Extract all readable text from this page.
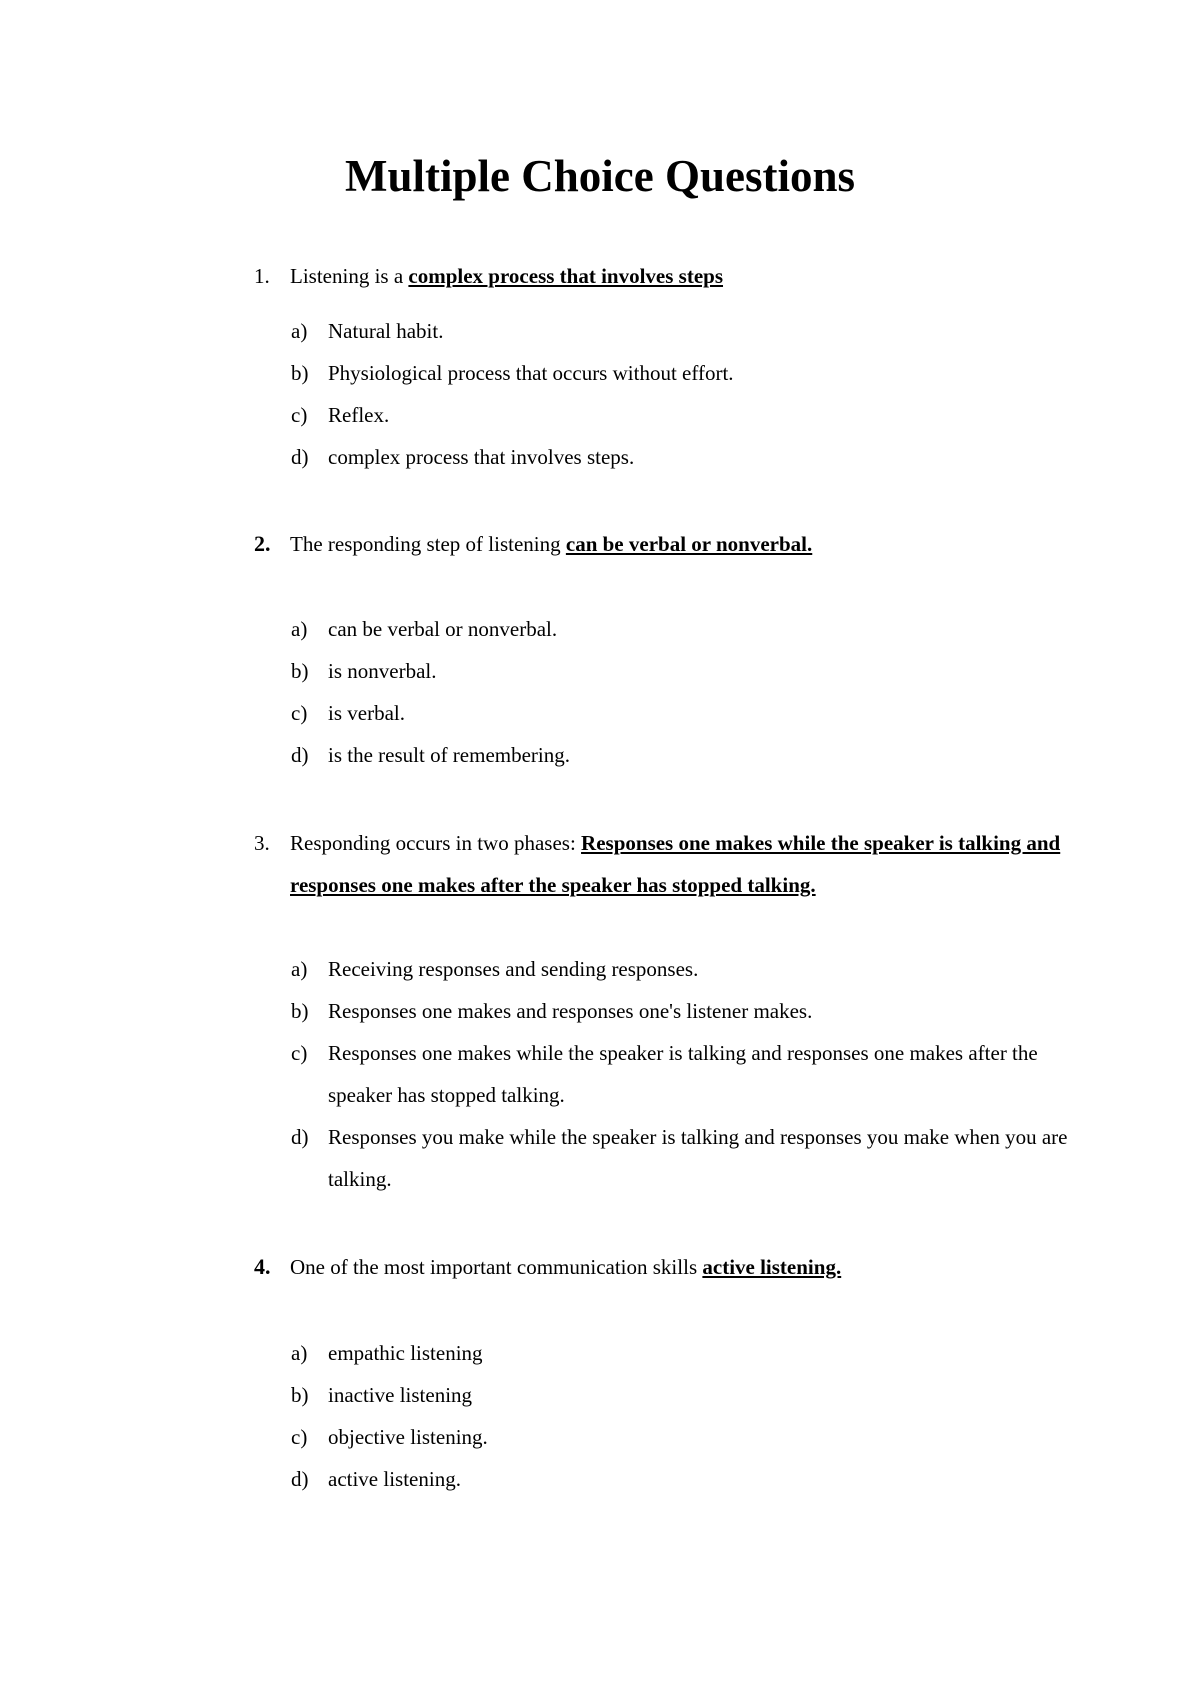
Multiple Choice Questions
1. Listening is a complex process that involves steps
a) Natural habit.
b) Physiological process that occurs without effort.
c) Reflex.
d) complex process that involves steps.
2. The responding step of listening can be verbal or nonverbal.
a) can be verbal or nonverbal.
b) is nonverbal.
c) is verbal.
d) is the result of remembering.
3. Responding occurs in two phases: Responses one makes while the speaker is talking and responses one makes after the speaker has stopped talking.
a) Receiving responses and sending responses.
b) Responses one makes and responses one's listener makes.
c) Responses one makes while the speaker is talking and responses one makes after the speaker has stopped talking.
d) Responses you make while the speaker is talking and responses you make when you are talking.
4. One of the most important communication skills active listening.
a) empathic listening
b) inactive listening
c) objective listening.
d) active listening.
